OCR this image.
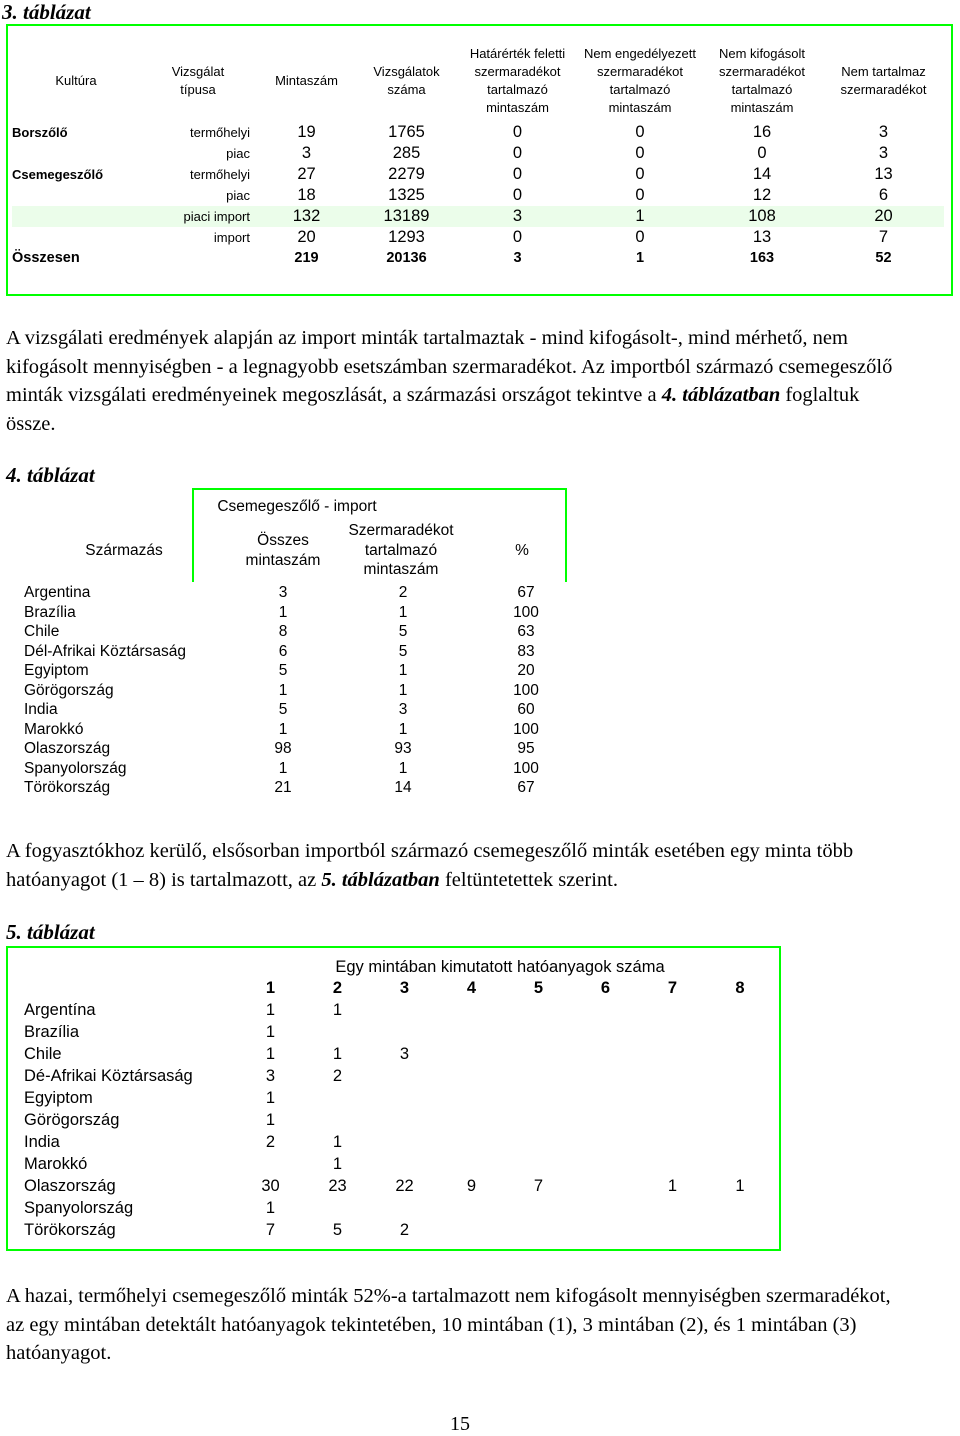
3. táblázat
Kultúra	Vizsgálat típusa	Mintaszám	Vizsgálatok száma	Határérték feletti szermaradékot tartalmazó mintaszám	Nem engedélyezett szermaradékot tartalmazó mintaszám	Nem kifogásolt szermaradékot tartalmazó mintaszám	Nem tartalmaz szermaradékot
Borszőlő	termőhelyi	19	1765	0	0	16	3
	piac	3	285	0	0	0	3
Csemegeszőlő	termőhelyi	27	2279	0	0	14	13
	piac	18	1325	0	0	12	6
	piaci import	132	13189	3	1	108	20
	import	20	1293	0	0	13	7
Összesen		219	20136	3	1	163	52
A vizsgálati eredmények alapján az import minták tartalmaztak - mind kifogásolt-, mind mérhető, nem kifogásolt mennyiségben - a legnagyobb esetszámban szermaradékot. Az importból származó csemegeszőlő minták vizsgálati eredményeinek megoszlását, a származási országot tekintve a 4. táblázatban foglaltuk össze.
4. táblázat
Csemegeszőlő - import
Származás
Összes mintaszám
Szermaradékot tartalmazó mintaszám
%
Argentina	3	2	67
Brazília	1	1	100
Chile	8	5	63
Dél-Afrikai Köztársaság	6	5	83
Egyiptom	5	1	20
Görögország	1	1	100
India	5	3	60
Marokkó	1	1	100
Olaszország	98	93	95
Spanyolország	1	1	100
Törökország	21	14	67
A fogyasztókhoz kerülő, elsősorban importból származó csemegeszőlő minták esetében egy minta több hatóanyagot (1 – 8) is tartalmazott, az 5. táblázatban feltüntetettek szerint.
5. táblázat
Egy mintában kimutatott hatóanyagok száma
	1	2	3	4	5	6	7	8
Argentína	1	1						
Brazília	1							
Chile	1	1	3					
Dé-Afrikai Köztársaság	3	2						
Egyiptom	1							
Görögország	1							
India	2	1						
Marokkó		1						
Olaszország	30	23	22	9	7		1	1
Spanyolország	1							
Törökország	7	5	2					
A hazai, termőhelyi csemegeszőlő minták 52%-a tartalmazott nem kifogásolt mennyiségben szermaradékot, az egy mintában detektált hatóanyagok tekintetében, 10 mintában (1), 3 mintában (2), és 1 mintában (3) hatóanyagot.
15
